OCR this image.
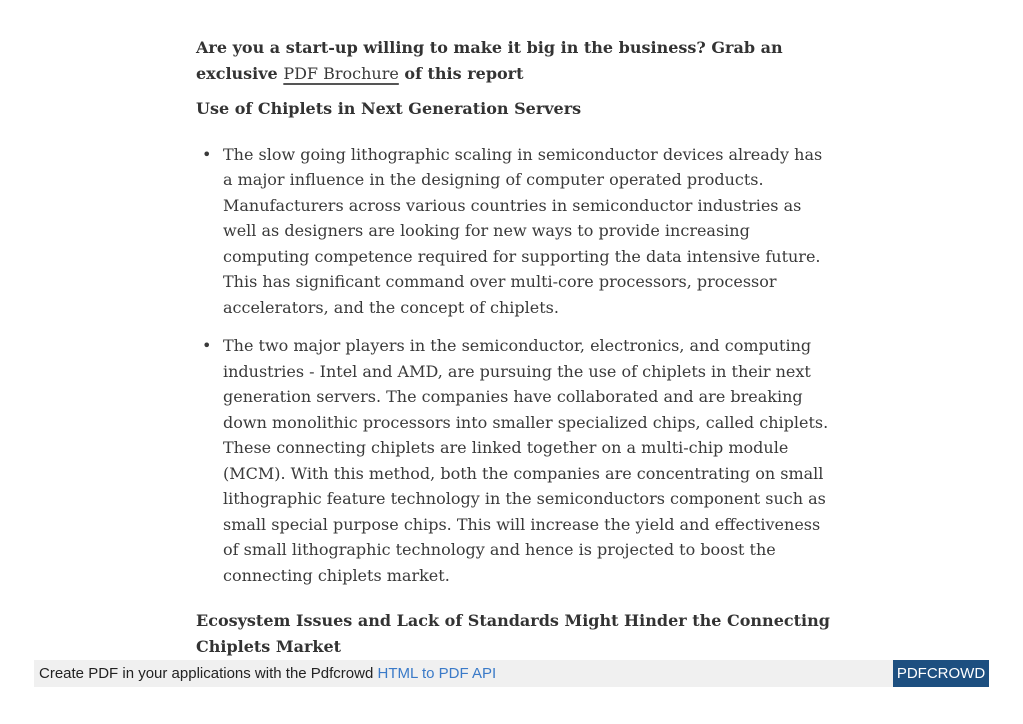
Are you a start-up willing to make it big in the business? Grab an exclusive PDF Brochure of this report

Use of Chiplets in Next Generation Servers
• The slow going lithographic scaling in semiconductor devices already has a major influence in the designing of computer operated products. Manufacturers across various countries in semiconductor industries as well as designers are looking for new ways to provide increasing computing competence required for supporting the data intensive future. This has significant command over multi-core processors, processor accelerators, and the concept of chiplets.
• The two major players in the semiconductor, electronics, and computing industries - Intel and AMD, are pursuing the use of chiplets in their next generation servers. The companies have collaborated and are breaking down monolithic processors into smaller specialized chips, called chiplets. These connecting chiplets are linked together on a multi-chip module (MCM). With this method, both the companies are concentrating on small lithographic feature technology in the semiconductors component such as small special purpose chips. This will increase the yield and effectiveness of small lithographic technology and hence is projected to boost the connecting chiplets market.
Ecosystem Issues and Lack of Standards Might Hinder the Connecting Chiplets Market
Create PDF in your applications with the Pdfcrowd HTML to PDF API	PDFCROWD
